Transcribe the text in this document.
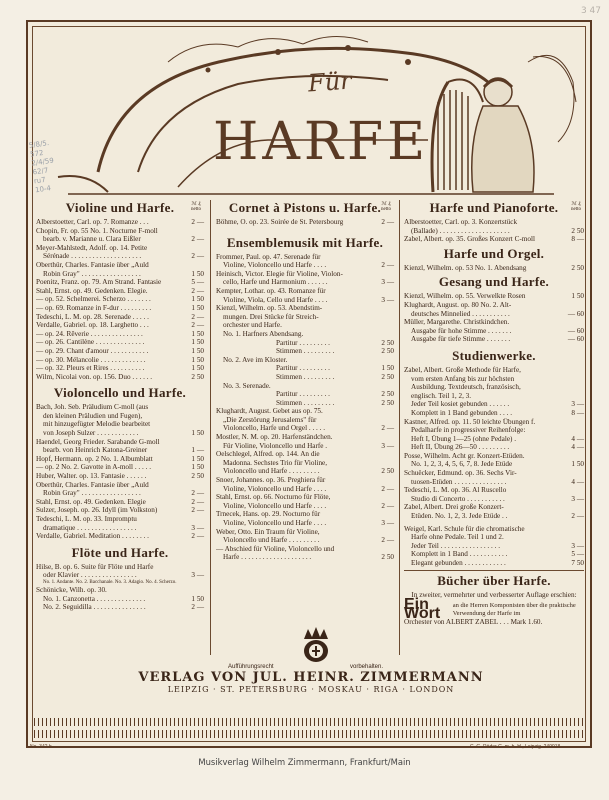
3 47
5/8/5.
572
2/4/59
62/7
ru7
10-4
Für
HARFE
Violine und Harfe.	ℳ ₰ netto
Alberstoetter, Carl. op. 7. Romanze . . .	2 —
Chopin, Fr. op. 55 No. 1. Nocturne F-moll
bearb. v. Marianne u. Clara Eißler	2 —
Meyer-Mahlstedt, Adolf. op. 14. Petite
Sérénade . . . . . . . . . . . . . . . . . . . .	2 —
Oberthür, Charles. Fantasie über „Auld
Robin Gray" . . . . . . . . . . . . . . . . .	1 50
Poenitz, Franz. op. 79. Am Strand. Fantasie	5 —
Stahl, Ernst. op. 49. Gedenken. Elegie.	2 —
— op. 52. Schelmerei. Scherzo . . . . . . .	1 50
— op. 69. Romanze in F-dur . . . . . . . . .	1 50
Tedeschi, L. M. op. 28. Serenade . . . . .	2 —
Verdalle, Gabriel. op. 18. Larghetto . . .	2 —
— op. 24. Rêverie . . . . . . . . . . . . . . .	1 50
— op. 26. Cantilène . . . . . . . . . . . . . .	1 50
— op. 29. Chant d'amour . . . . . . . . . . .	1 50
— op. 30. Mélancolie . . . . . . . . . . . . .	1 50
— op. 32. Pleurs et Rires . . . . . . . . . .	1 50
Wilm, Nicolai von. op. 156. Duo . . . . . .	2 50
Violoncello und Harfe.
Bach, Joh. Seb. Präludium C-moll (aus
den kleinen Präludien und Fugen),
mit hinzugefügter Melodie bearbeitet
von Joseph Sulzer . . . . . . . . . . . .	1 50
Haendel, Georg Frieder. Sarabande G-moll
bearb. von Heinrich Katona-Greiner	1 —
Hopf, Hermann. op. 2 No. 1. Albumblatt	1 50
— op. 2 No. 2. Gavotte in A-moll . . . . .	1 50
Huber, Walter. op. 13. Fantasie . . . . . .	2 50
Oberthür, Charles. Fantasie über „Auld
Robin Gray" . . . . . . . . . . . . . . . . .	2 —
Stahl, Ernst. op. 49. Gedenken. Elegie	2 —
Sulzer, Joseph. op. 26. Idyll (im Volkston)	2 —
Tedeschi, L. M. op. 33. Impromptu
dramatique . . . . . . . . . . . . . . . . .	3 —
Verdalle, Gabriel. Meditation . . . . . . . .	2 —
Flöte und Harfe.
Hilse, B. op. 6. Suite für Flöte und Harfe
oder Klavier . . . . . . . . . . . . . . . .	3 —
No. 1. Andante. No. 2. Bacchanale. No. 3. Adagio. No. 4. Scherzo.
Schönicke, Wilh. op. 30.
No. 1. Canzonetta . . . . . . . . . . . . . .	1 50
No. 2. Seguidilla . . . . . . . . . . . . . . .	2 —
Cornet à Pistons u. Harfe. ℳ ₰ netto
Böhme, O. op. 23. Soirée de St. Petersbourg	2 —
Ensemblemusik mit Harfe.
Frommer, Paul. op. 47. Serenade für
Violine, Violoncello und Harfe . . . .	2 —
Heinisch, Victor. Elegie für Violine, Violon-
cello, Harfe und Harmonium . . . . . .	3 —
Kempter, Lothar. op. 43. Romanze für
Violine, Viola, Cello und Harfe . . . .	3 —
Kienzl, Wilhelm. op. 53. Abendstim-
mungen. Drei Stücke für Streich-
orchester und Harfe.
No. 1. Harfners Abendsang.
Partitur . . . . . . . . .	2 50
Stimmen . . . . . . . . .	2 50
No. 2. Ave im Kloster.
Partitur . . . . . . . . .	1 50
Stimmen . . . . . . . . .	2 50
No. 3. Serenade.
Partitur . . . . . . . . .	2 50
Stimmen . . . . . . . . .	2 50
Klughardt, August. Gebet aus op. 75.
„Die Zerstörung Jerusalems" für
Violoncello, Harfe und Orgel . . . . .	2 —
Mostler, N. M. op. 20. Harfenständchen.
Für Violine, Violoncello und Harfe .	3 —
Oelschlegel, Alfred. op. 144. An die
Madonna. Sechstes Trio für Violine,
Violoncello und Harfe . . . . . . . . .	2 50
Snoer, Johannes. op. 36. Preghiera für
Violine, Violoncello und Harfe . . . .	2 —
Stahl, Ernst. op. 66. Nocturno für Flöte,
Violine, Violoncello und Harfe . . . .	2 —
Trnecek, Hans. op. 29. Nocturno für
Violine, Violoncello und Harfe . . . .	3 —
Weber, Otto. Ein Traum für Violine,
Violoncello und Harfe . . . . . . . . .	2 —
— Abschied für Violine, Violoncello und
Harfe . . . . . . . . . . . . . . . . . . . .	2 50
Harfe und Pianoforte.	ℳ ₰ netto
Alberstoetter, Carl. op. 3. Konzertstück
(Ballade) . . . . . . . . . . . . . . . . . . . .	2 50
Zabel, Albert. op. 35. Großes Konzert C-moll	8 —
Harfe und Orgel.
Kienzl, Wilhelm. op. 53 No. 1. Abendsang	2 50
Gesang und Harfe.
Kienzl, Wilhelm. op. 55. Verwelkte Rosen	1 50
Klughardt, August. op. 80 No. 2. Alt-
deutsches Minnelied . . . . . . . . . . .	— 60
Müller, Margarethe. Christkindchen.
Ausgabe für hohe Stimme . . . . . . .	— 60
Ausgabe für tiefe Stimme . . . . . . .	— 60
Studienwerke.
Zabel, Albert. Große Methode für Harfe,
vom ersten Anfang bis zur höchsten
Ausbildung. Textdeutsch, französisch,
englisch. Teil 1, 2, 3.
Jeder Teil kosiet gebunden . . . . . .	3 —
Komplett in 1 Band gebunden . . . .	8 —
Kastner, Alfred. op. 11. 50 leichte Übungen f.
Pedalharfe in progressiver Reihenfolge:
Heft I, Übung 1—25 (ohne Pedale) .	4 —
Heft II, Übung 26—50 . . . . . . . . .	4 —
Posse, Wilhelm. Acht gr. Konzert-Etüden.
No. 1, 2, 3, 4, 5, 6, 7, 8. Jede Etüde	1 50
Schuëcker, Edmund. op. 36. Sechs Vir-
tuosen-Etüden . . . . . . . . . . . . . . .	4 —
Tedeschi, L. M. op. 36. Al Ruscello
Studio di Concerto . . . . . . . . . . .	3 —
Zabel, Albert. Drei große Konzert-
Etüden. No. 1, 2, 3. Jede Etüde . .	2 —
Weigel, Karl. Schule für die chromatische
Harfe ohne Pedale. Teil 1 und 2.
Jeder Teil . . . . . . . . . . . . . . . . .	3 —
Komplett in 1 Band . . . . . . . . . . .	5 —
Elegant gebunden . . . . . . . . . . . .	7 50
Bücher über Harfe.
In zweiter, vermehrter und verbesserter Auflage erschien:
Ein Wort	an die Herren Komponisten über die praktische Verwendung der Harfe im
Orchester von ALBERT ZABEL . . . Mark 1.60.
Aufführungsrecht	vorbehalten.
VERLAG VON JUL. HEINR. ZIMMERMANN
LEIPZIG · ST. PETERSBURG · MOSKAU · RIGA · LONDON
No. 342 b.	C. G. Röder G. m. b. H., Leipzig. 249918.
Musikverlag Wilhelm Zimmermann, Frankfurt/Main
